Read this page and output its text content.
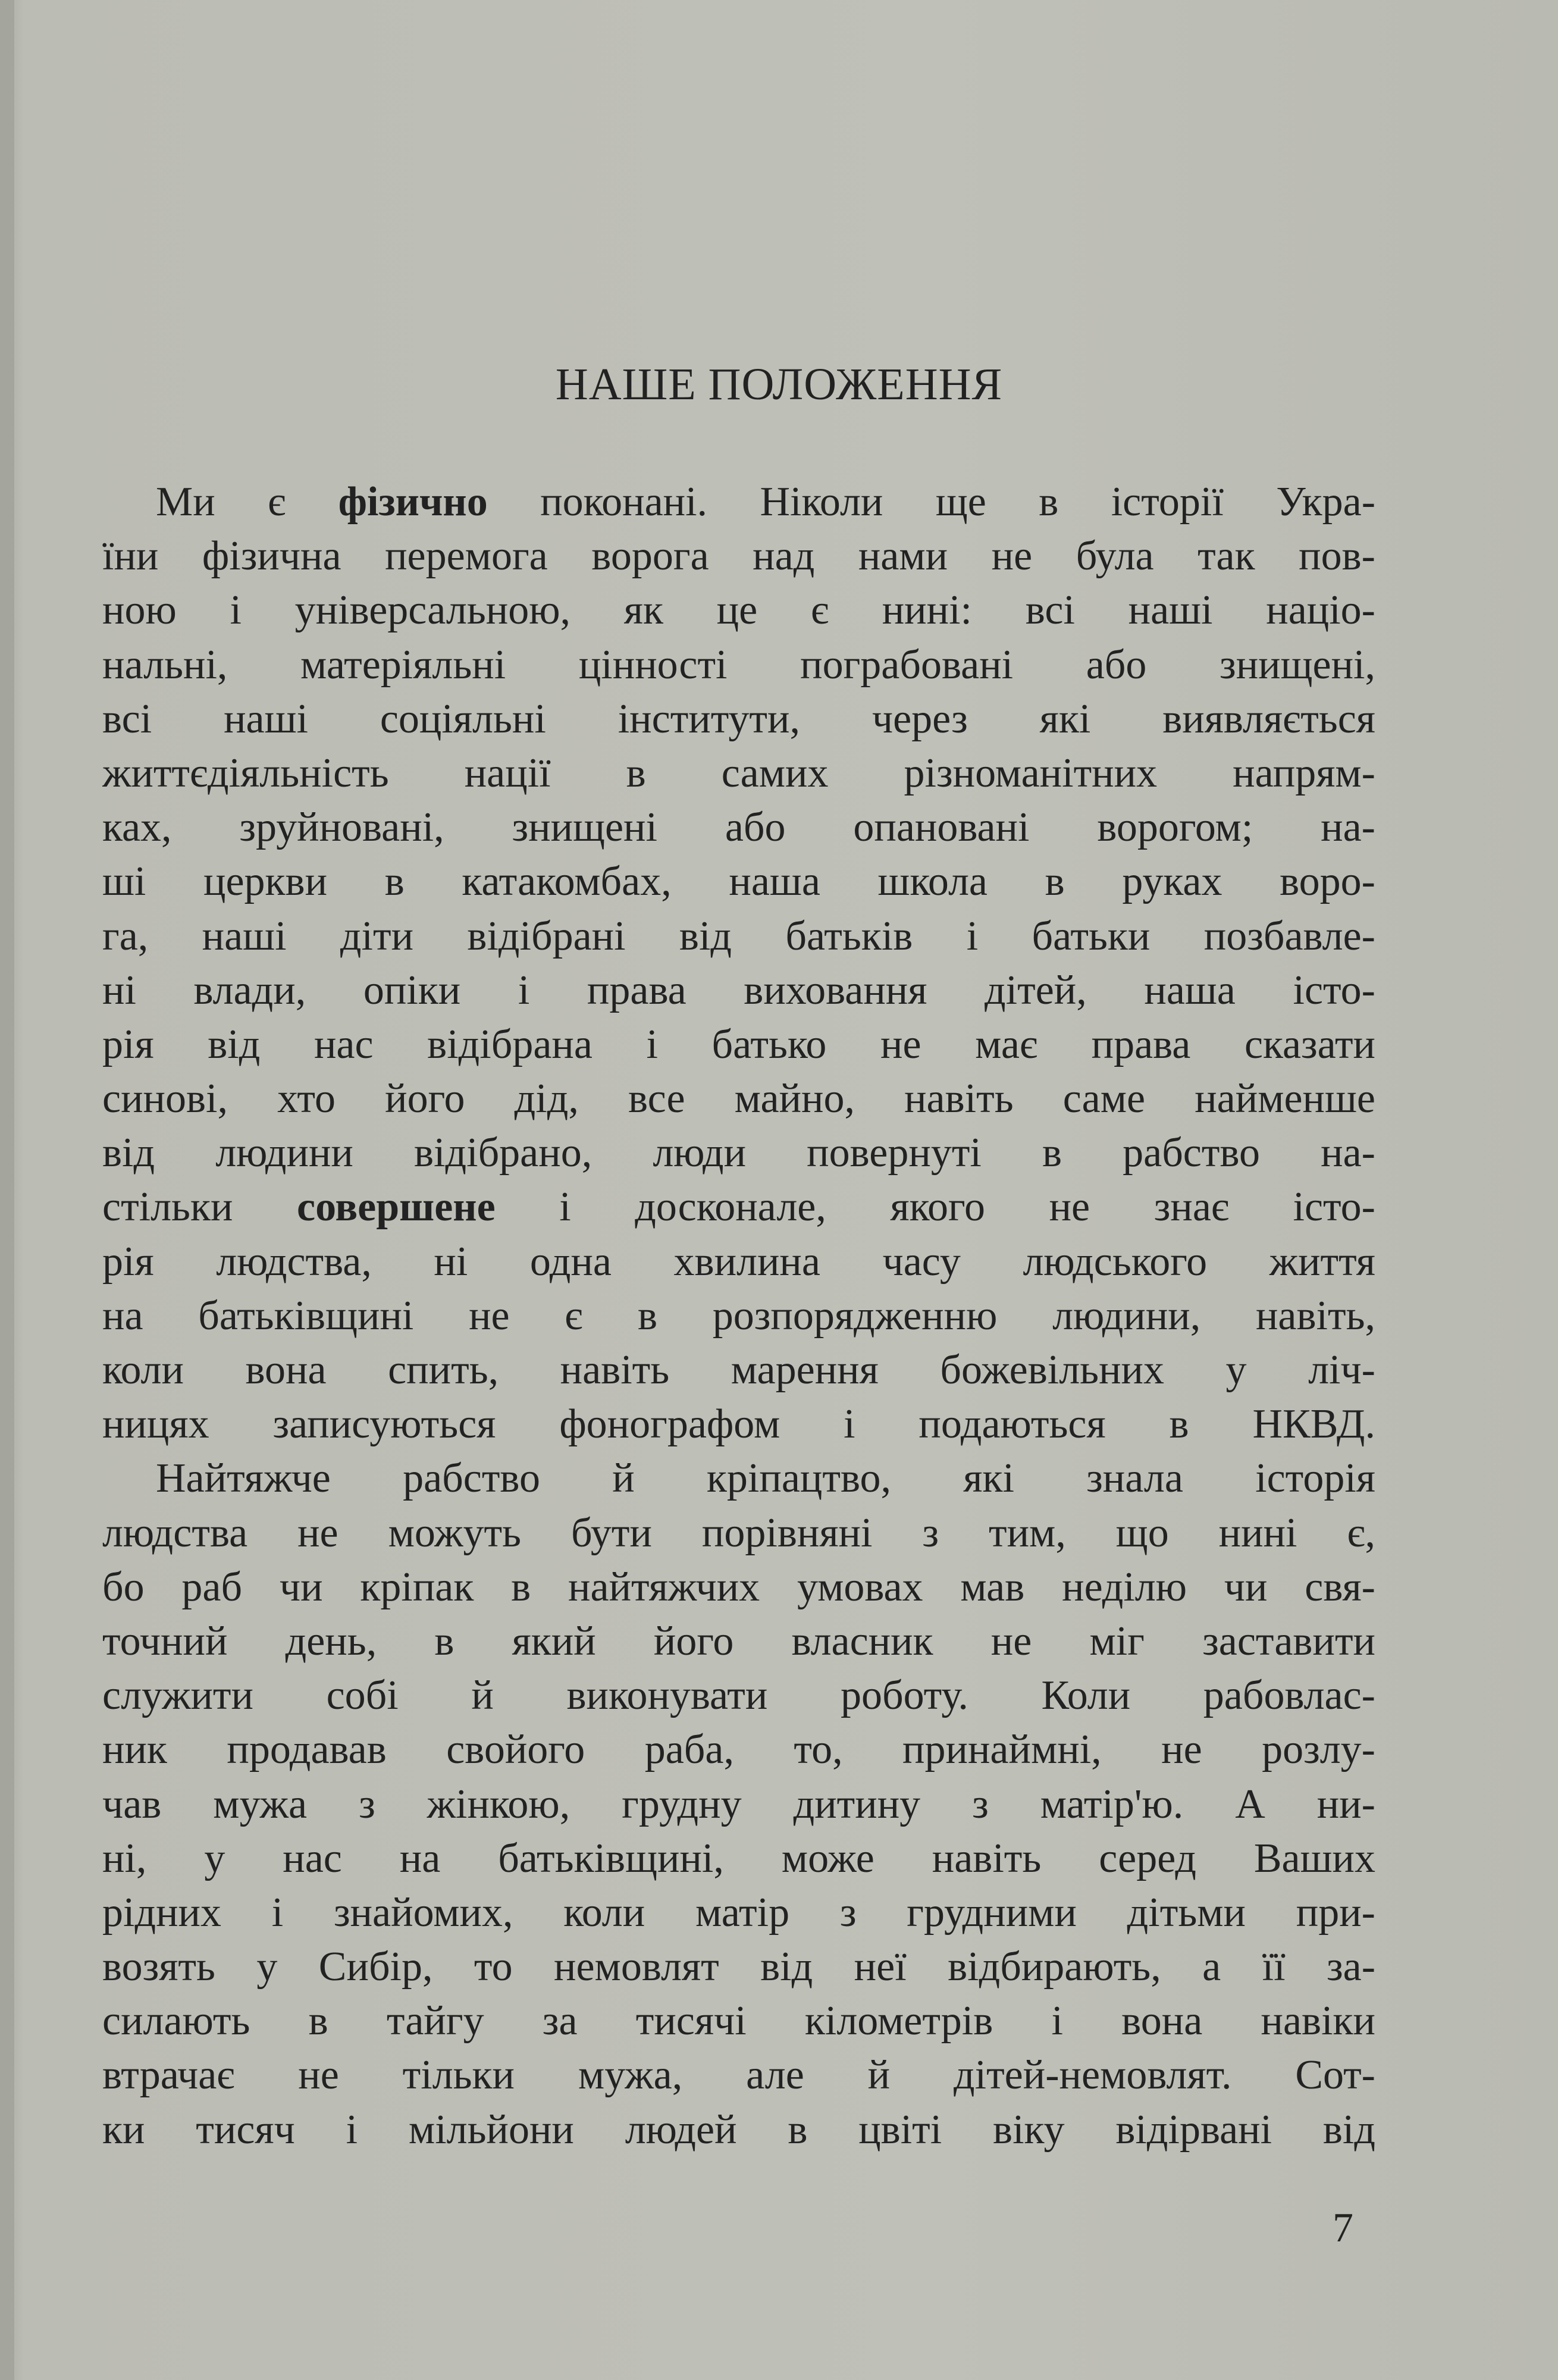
НАШЕ ПОЛОЖЕННЯ
Ми є фізично поконані. Ніколи ще в історії Укра-
їни фізична перемога ворога над нами не була так пов-
ною і універсальною, як це є нині: всі наші націо-
нальні, матеріяльні цінності пограбовані або знищені,
всі наші соціяльні інститути, через які виявляється
життєдіяльність нації в самих різноманітних напрям-
ках, зруйновані, знищені або опановані ворогом; на-
ші церкви в катакомбах, наша школа в руках воро-
га, наші діти відібрані від батьків і батьки позбавле-
ні влади, опіки і права виховання дітей, наша істо-
рія від нас відібрана і батько не має права сказати
синові, хто його дід, все майно, навіть саме найменше
від людини відібрано, люди повернуті в рабство на-
стільки совершене і досконале, якого не знає істо-
рія людства, ні одна хвилина часу людського життя
на батьківщині не є в розпорядженню людини, навіть,
коли вона спить, навіть марення божевільних у ліч-
ницях записуються фонографом і подаються в НКВД.
Найтяжче рабство й кріпацтво, які знала історія
людства не можуть бути порівняні з тим, що нині є,
бо раб чи кріпак в найтяжчих умовах мав неділю чи свя-
точний день, в який його власник не міг заставити
служити собі й виконувати роботу. Коли рабовлас-
ник продавав свойого раба, то, принаймні, не розлу-
чав мужа з жінкою, грудну дитину з матір'ю. А ни-
ні, у нас на батьківщині, може навіть серед Ваших
рідних і знайомих, коли матір з грудними дітьми при-
возять у Сибір, то немовлят від неї відбирають, а її за-
силають в тайгу за тисячі кілометрів і вона навіки
втрачає не тільки мужа, але й дітей-немовлят. Сот-
ки тисяч і мільйони людей в цвіті віку відірвані від
7
